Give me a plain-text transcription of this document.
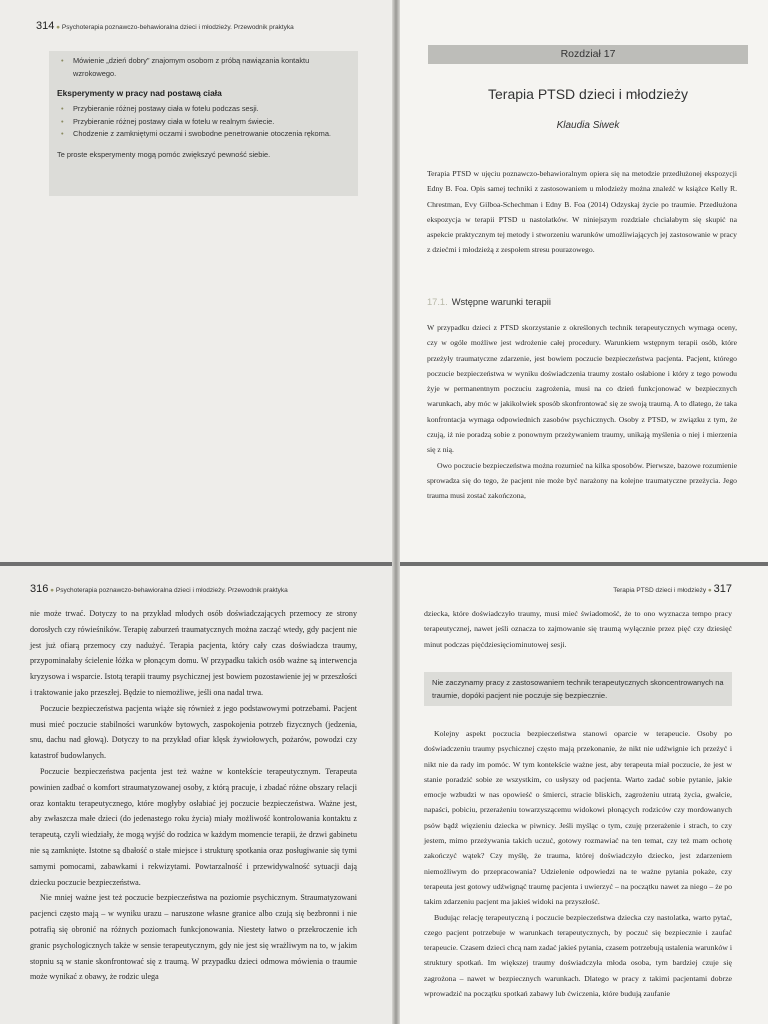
314 ● Psychoterapia poznawczo-behawioralna dzieci i młodzieży. Przewodnik praktyka
• Mówienie „dzień dobry” znajomym osobom z próbą nawiązania kontaktu wzrokowego.
Eksperymenty w pracy nad postawą ciała
• Przybieranie różnej postawy ciała w fotelu podczas sesji.
• Przybieranie różnej postawy ciała w fotelu w realnym świecie.
• Chodzenie z zamkniętymi oczami i swobodne penetrowanie otoczenia rękoma.
Te proste eksperymenty mogą pomóc zwiększyć pewność siebie.
Rozdział 17
Terapia PTSD dzieci i młodzieży
Klaudia Siwek

Terapia PTSD w ujęciu poznawczo-behawioralnym opiera się na metodzie przedłużonej ekspozycji Edny B. Foa. Opis samej techniki z zastosowaniem u młodzieży można znaleźć w książce Kelly R. Chrestman, Evy Gilboa-Schechman i Edny B. Foa (2014) Odzyskaj życie po traumie. Przedłużona ekspozycja w terapii PTSD u nastolatków. W niniejszym rozdziale chciałabym się skupić na aspekcie praktycznym tej metody i stworzeniu warunków umożliwiających jej zastosowanie w pracy z dziećmi i młodzieżą z zespołem stresu pourazowego.

17.1. Wstępne warunki terapii

W przypadku dzieci z PTSD skorzystanie z określonych technik terapeutycznych wymaga oceny, czy w ogóle możliwe jest wdrożenie całej procedury. Warunkiem wstępnym terapii osób, które przeżyły traumatyczne zdarzenie, jest bowiem poczucie bezpieczeństwa pacjenta. Pacjent, którego poczucie bezpieczeństwa w wyniku doświadczenia traumy zostało osłabione i który z tego powodu żyje w permanentnym poczuciu zagrożenia, musi na co dzień funkcjonować w bezpiecznych warunkach, aby móc w jakikolwiek sposób skonfrontować się ze swoją traumą. A to dlatego, że taka konfrontacja wymaga odpowiednich zasobów psychicznych. Osoby z PTSD, w związku z tym, że czują, iż nie poradzą sobie z ponownym przeżywaniem traumy, unikają myślenia o niej i mierzenia się z nią.

Owo poczucie bezpieczeństwa można rozumieć na kilka sposobów. Pierwsze, bazowe rozumienie sprowadza się do tego, że pacjent nie może być narażony na kolejne traumatyczne przeżycia. Jego trauma musi zostać zakończona,

316 ● Psychoterapia poznawczo-behawioralna dzieci i młodzieży. Przewodnik praktyka

nie może trwać. Dotyczy to na przykład młodych osób doświadczających przemocy ze strony dorosłych czy rówieśników. Terapię zaburzeń traumatycznych można zacząć wtedy, gdy pacjent nie jest już ofiarą przemocy czy nadużyć. Terapia pacjenta, który cały czas doświadcza traumy, przypominałaby ścielenie łóżka w płonącym domu. W przypadku takich osób ważne są interwencja kryzysowa i wsparcie. Istotą terapii traumy psychicznej jest bowiem pozostawienie jej w przeszłości i traktowanie jako przeszłej. Będzie to niemożliwe, jeśli ona nadal trwa.

Poczucie bezpieczeństwa pacjenta wiąże się również z jego podstawowymi potrzebami. Pacjent musi mieć poczucie stabilności warunków bytowych, zaspokojenia potrzeb fizycznych (jedzenia, snu, dachu nad głową). Dotyczy to na przykład ofiar klęsk żywiołowych, pożarów, powodzi czy katastrof budowlanych.

Poczucie bezpieczeństwa pacjenta jest też ważne w kontekście terapeutycznym. Terapeuta powinien zadbać o komfort straumatyzowanej osoby, z którą pracuje, i zbadać różne obszary relacji oraz kontaktu terapeutycznego, które mogłyby osłabiać jej poczucie bezpieczeństwa. Ważne jest, aby zwłaszcza małe dzieci (do jedenastego roku życia) miały możliwość kontrolowania kontaktu z terapeutą, czyli wiedziały, że mogą wyjść do rodzica w każdym momencie terapii, że drzwi gabinetu nie są zamknięte. Istotne są dbałość o stałe miejsce i strukturę spotkania oraz posługiwanie się tymi samymi pomocami, zabawkami i rekwizytami. Powtarzalność i przewidywalność sytuacji dają dziecku poczucie bezpieczeństwa.

Nie mniej ważne jest też poczucie bezpieczeństwa na poziomie psychicznym. Straumatyzowani pacjenci często mają – w wyniku urazu – naruszone własne granice albo czują się bezbronni i nie potrafią się obronić na różnych poziomach funkcjonowania. Niestety łatwo o przekroczenie ich granic psychologicznych także w sensie terapeutycznym, gdy nie jest się wrażliwym na to, w jakim stopniu są w stanie skonfrontować się z traumą. W przypadku dzieci odmowa mówienia o traumie może wynikać z obawy, że rodzic ulega

Terapia PTSD dzieci i młodzieży ● 317

dziecka, które doświadczyło traumy, musi mieć świadomość, że to ono wyznacza tempo pracy terapeutycznej, nawet jeśli oznacza to zajmowanie się traumą wyłącznie przez pięć czy dziesięć minut podczas pięćdziesięciominutowej sesji.

Nie zaczynamy pracy z zastosowaniem technik terapeutycznych skoncentrowanych na traumie, dopóki pacjent nie poczuje się bezpiecznie.

Kolejny aspekt poczucia bezpieczeństwa stanowi oparcie w terapeucie. Osoby po doświadczeniu traumy psychicznej często mają przekonanie, że nikt nie udźwignie ich przeżyć i nikt nie da rady im pomóc. W tym kontekście ważne jest, aby terapeuta miał poczucie, że jest w stanie poradzić sobie ze wszystkim, co usłyszy od pacjenta. Warto zadać sobie pytanie, jakie emocje wzbudzi w nas opowieść o śmierci, stracie bliskich, zagrożeniu utratą życia, gwałcie, napaści, pobiciu, przerażeniu towarzyszącemu widokowi płonących rodziców czy mordowanych psów bądź więzieniu dziecka w piwnicy. Jeśli myśląc o tym, czuję przerażenie i strach, to czy jestem, mimo przeżywania takich uczuć, gotowy rozmawiać na ten temat, czy też mam ochotę zakończyć wątek? Czy myślę, że trauma, której doświadczyło dziecko, jest zdarzeniem niemożliwym do przepracowania? Udzielenie odpowiedzi na te ważne pytania pokaże, czy terapeuta jest gotowy udźwignąć traumę pacjenta i uwierzyć – na początku nawet za niego – że po takim zdarzeniu pacjent ma jakieś widoki na przyszłość.

Budując relację terapeutyczną i poczucie bezpieczeństwa dziecka czy nastolatka, warto pytać, czego pacjent potrzebuje w warunkach terapeutycznych, by poczuć się bezpiecznie i zaufać terapeucie. Czasem dzieci chcą nam zadać jakieś pytania, czasem potrzebują ustalenia warunków i struktury spotkań. Im większej traumy doświadczyła młoda osoba, tym bardziej czuje się zagrożona – nawet w bezpiecznych warunkach. Dlatego w pracy z takimi pacjentami dobrze wprowadzić na początku spotkań zabawy lub ćwiczenia, które budują zaufanie
